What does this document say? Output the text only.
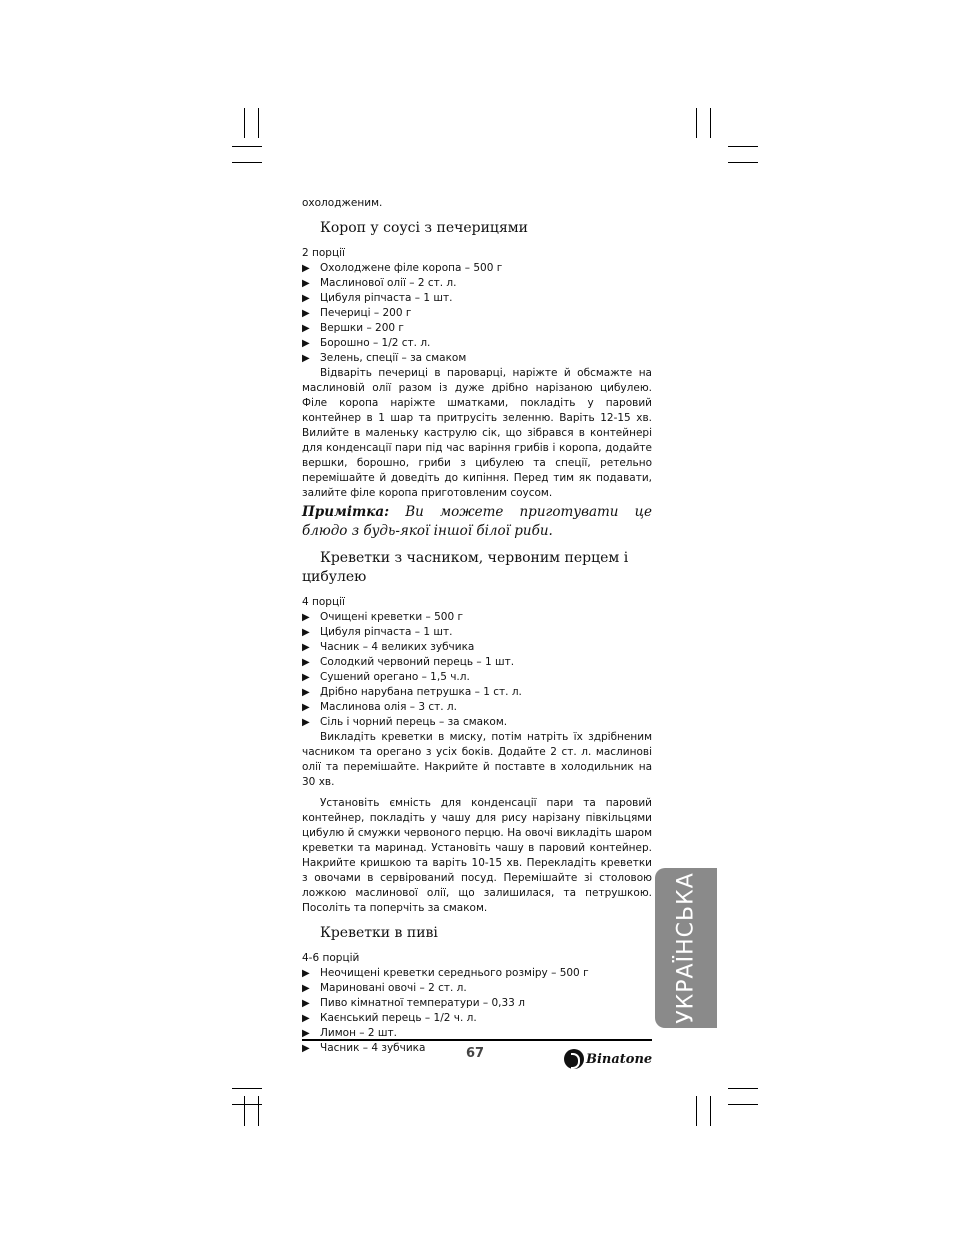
охолодженим.

Короп у соусі з печерицями

2 порції

▶ Охолоджене філе коропа – 500 г
▶ Маслинової олії – 2 ст. л.
▶ Цибуля ріпчаста – 1 шт.
▶ Печериці – 200 г
▶ Вершки – 200 г
▶ Борошно – 1/2 ст. л.
▶ Зелень, спеції – за смаком

Відваріть печериці в пароварці, наріжте й обсмажте на маслиновій олії разом із дуже дрібно нарізаною цибулею. Філе коропа наріжте шматками, покладіть у паровий контейнер в 1 шар та притрусіть зеленню. Варіть 12-15 хв. Вилийте в маленьку каструлю сік, що зібрався в контейнері для конденсації пари під час варіння грибів і коропа, додайте вершки, борошно, гриби з цибулею та спеції, ретельно перемішайте й доведіть до кипіння. Перед тим як подавати, залийте філе коропа приготовленим соусом.

Примітка: Ви можете приготувати це блюдо з будь-якої іншої білої риби.

Креветки з часником, червоним перцем і цибулею

4 порції

▶ Очищені креветки – 500 г
▶ Цибуля ріпчаста – 1 шт.
▶ Часник – 4 великих зубчика
▶ Солодкий червоний перець – 1 шт.
▶ Сушений орегано – 1,5 ч.л.
▶ Дрібно нарубана петрушка – 1 ст. л.
▶ Маслинова олія – 3 ст. л.
▶ Сіль і чорний перець – за смаком.

Викладіть креветки в миску, потім натріть їх здрібненим часником та орегано з усіх боків. Додайте 2 ст. л. маслинові олії та перемішайте. Накрийте й поставте в холодильник на 30 хв.

Установіть ємність для конденсації пари та паровий контейнер, покладіть у чашу для рису нарізану півкільцями цибулю й смужки червоного перцю. На овочі викладіть шаром креветки та маринад. Установіть чашу в паровий контейнер. Накрийте кришкою та варіть 10-15 хв. Перекладіть креветки з овочами в сервірований посуд. Перемішайте зі столовою ложкою маслинової олії, що залишилася, та петрушкою. Посоліть та поперчіть за смаком.

Креветки в пиві

4-6 порцій

▶ Неочищені креветки середнього розміру – 500 г
▶ Мариновані овочі – 2 ст. л.
▶ Пиво кімнатної температури – 0,33 л
▶ Каєнський перець – 1/2 ч. л.
▶ Лимон – 2 шт.
▶ Часник – 4 зубчика	67	Binatone
УКРАЇНСЬКА
